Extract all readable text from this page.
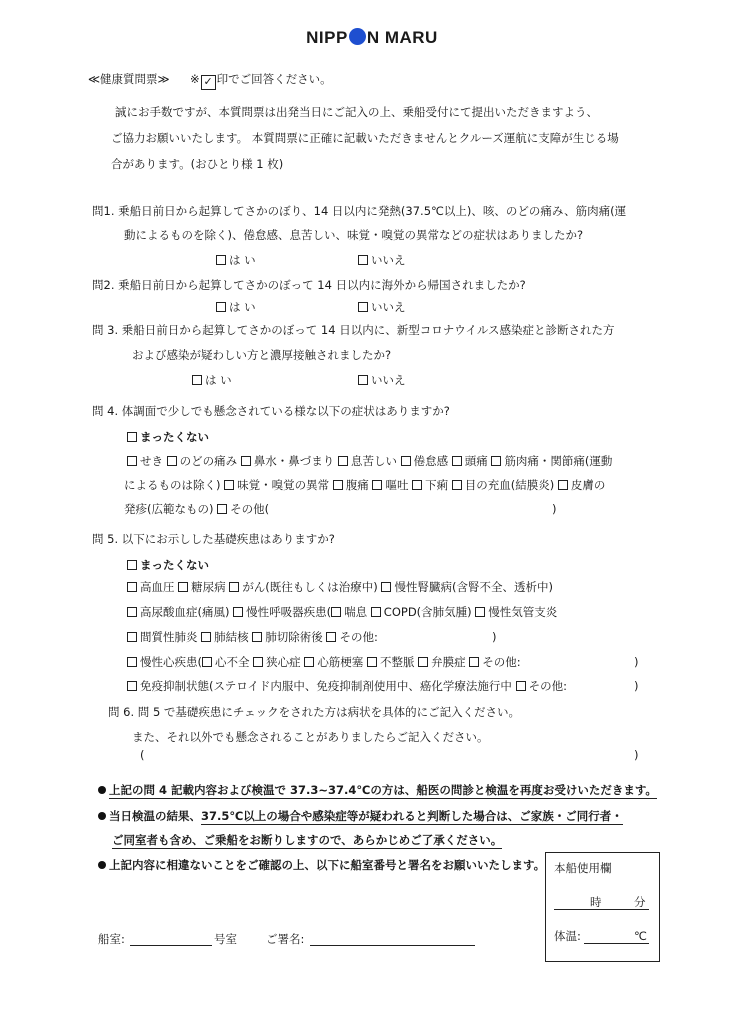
NIPP N MARU
≪健康質問票≫ ※ ✓ 印でご回答ください。
誠にお手数ですが、本質問票は出発当日にご記入の上、乗船受付にて提出いただきますよう、
ご協力お願いいたします。 本質問票に正確に記載いただきませんとクルーズ運航に支障が生じる場
合があります。(おひとり様 1 枚)
問1. 乗船日前日から起算してさかのぼり、14 日以内に発熱(37.5℃以上)、咳、のどの痛み、筋肉痛(運
動によるものを除く)、倦怠感、息苦しい、味覚・嗅覚の異常などの症状はありましたか?
は い	いいえ
問2. 乗船日前日から起算してさかのぼって 14 日以内に海外から帰国されましたか?
は い	いいえ
問 3. 乗船日前日から起算してさかのぼって 14 日以内に、新型コロナウイルス感染症と診断された方
および感染が疑わしい方と濃厚接触されましたか?
は い	いいえ
問 4. 体調面で少しでも懸念されている様な以下の症状はありますか?
まったくない
せき のどの痛み 鼻水・鼻づまり 息苦しい 倦怠感 頭痛 筋肉痛・関節痛(運動
によるものは除く) 味覚・嗅覚の異常 腹痛 嘔吐 下痢 目の充血(結膜炎) 皮膚の
発疹(広範なもの) その他(	)
問 5. 以下にお示しした基礎疾患はありますか?
まったくない
高血圧 糖尿病 がん(既往もしくは治療中) 慢性腎臓病(含腎不全、透析中)
高尿酸血症(痛風) 慢性呼吸器疾患( 喘息 COPD(含肺気腫) 慢性気管支炎
間質性肺炎 肺結核 肺切除術後 その他:	)
慢性心疾患( 心不全 狭心症 心筋梗塞 不整脈 弁膜症 その他:	)
免疫抑制状態(ステロイド内服中、免疫抑制剤使用中、癌化学療法施行中 その他:	)
問 6. 問 5 で基礎疾患にチェックをされた方は病状を具体的にご記入ください。
また、それ以外でも懸念されることがありましたらご記入ください。
(	)
上記の問 4 記載内容および検温で 37.3~37.4℃の方は、船医の問診と検温を再度お受けいただきます。
当日検温の結果、37.5℃以上の場合や感染症等が疑われると判断した場合は、ご家族・ご同行者・
ご同室者も含め、ご乗船をお断りしますので、あらかじめご了承ください。
上記内容に相違ないことをご確認の上、以下に船室番号と署名をお願いいたします。 本船使用欄
時	分
体温:	℃
船室:	号室	ご署名:
